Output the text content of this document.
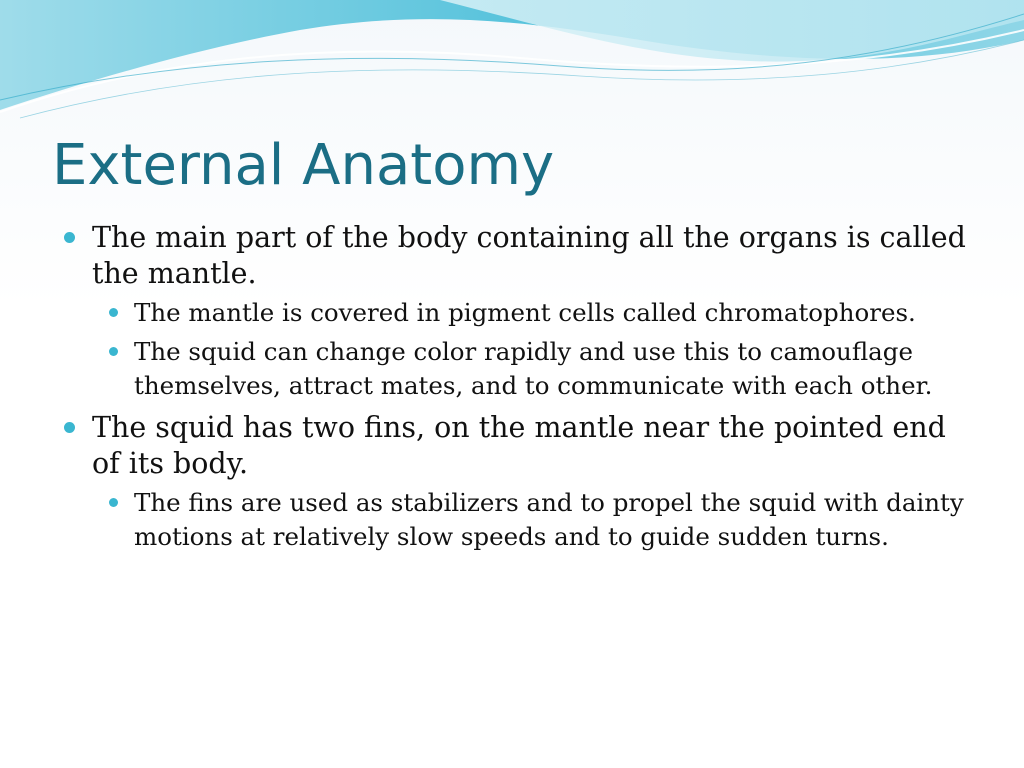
External Anatomy
The main part of the body containing all the organs is called the mantle.
The mantle is covered in pigment cells called chromatophores.
The squid can change color rapidly and use this to camouflage themselves, attract mates, and to communicate with each other.
The squid has two fins, on the mantle near the pointed end of its body.
The fins are used as stabilizers and to propel the squid with dainty motions at relatively slow speeds and to guide sudden turns.
